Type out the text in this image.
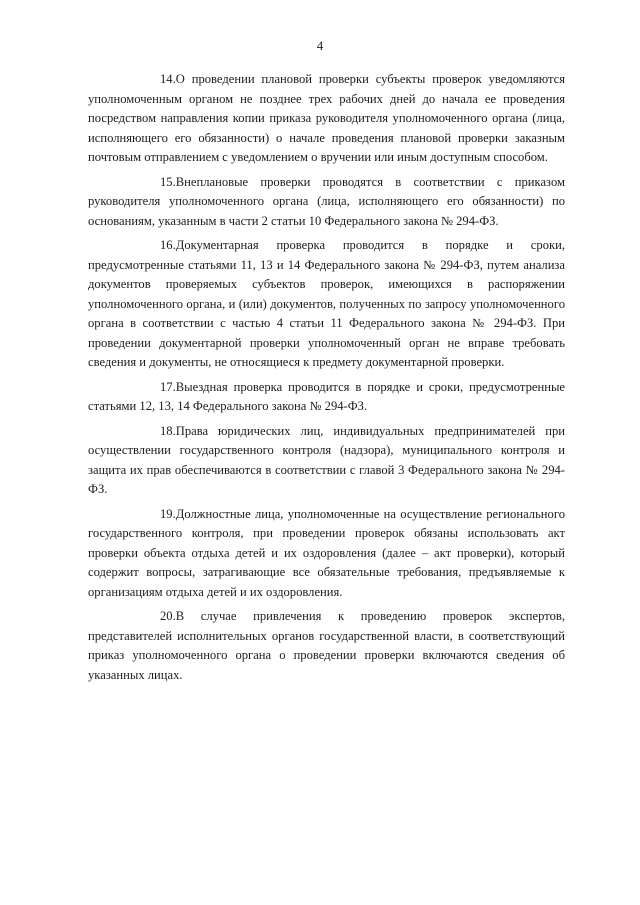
4

14.О проведении плановой проверки субъекты проверок уведомляются уполномоченным органом не позднее трех рабочих дней до начала ее проведения посредством направления копии приказа руководителя уполномоченного органа (лица, исполняющего его обязанности) о начале проведения плановой проверки заказным почтовым отправлением с уведомлением о вручении или иным доступным способом.

15.Внеплановые проверки проводятся в соответствии с приказом руководителя уполномоченного органа (лица, исполняющего его обязанности) по основаниям, указанным в части 2 статьи 10 Федерального закона № 294-ФЗ.

16.Документарная проверка проводится в порядке и сроки, предусмотренные статьями 11, 13 и 14 Федерального закона № 294-ФЗ, путем анализа документов проверяемых субъектов проверок, имеющихся в распоряжении уполномоченного органа, и (или) документов, полученных по запросу уполномоченного органа в соответствии с частью 4 статьи 11 Федерального закона № 294-ФЗ. При проведении документарной проверки уполномоченный орган не вправе требовать сведения и документы, не относящиеся к предмету документарной проверки.

17.Выездная проверка проводится в порядке и сроки, предусмотренные статьями 12, 13, 14 Федерального закона № 294-ФЗ.

18.Права юридических лиц, индивидуальных предпринимателей при осуществлении государственного контроля (надзора), муниципального контроля и защита их прав обеспечиваются в соответствии с главой 3 Федерального закона № 294-ФЗ.

19.Должностные лица, уполномоченные на осуществление регионального государственного контроля, при проведении проверок обязаны использовать акт проверки объекта отдыха детей и их оздоровления (далее – акт проверки), который содержит вопросы, затрагивающие все обязательные требования, предъявляемые к организациям отдыха детей и их оздоровления.

20.В случае привлечения к проведению проверок экспертов, представителей исполнительных органов государственной власти, в соответствующий приказ уполномоченного органа о проведении проверки включаются сведения об указанных лицах.
